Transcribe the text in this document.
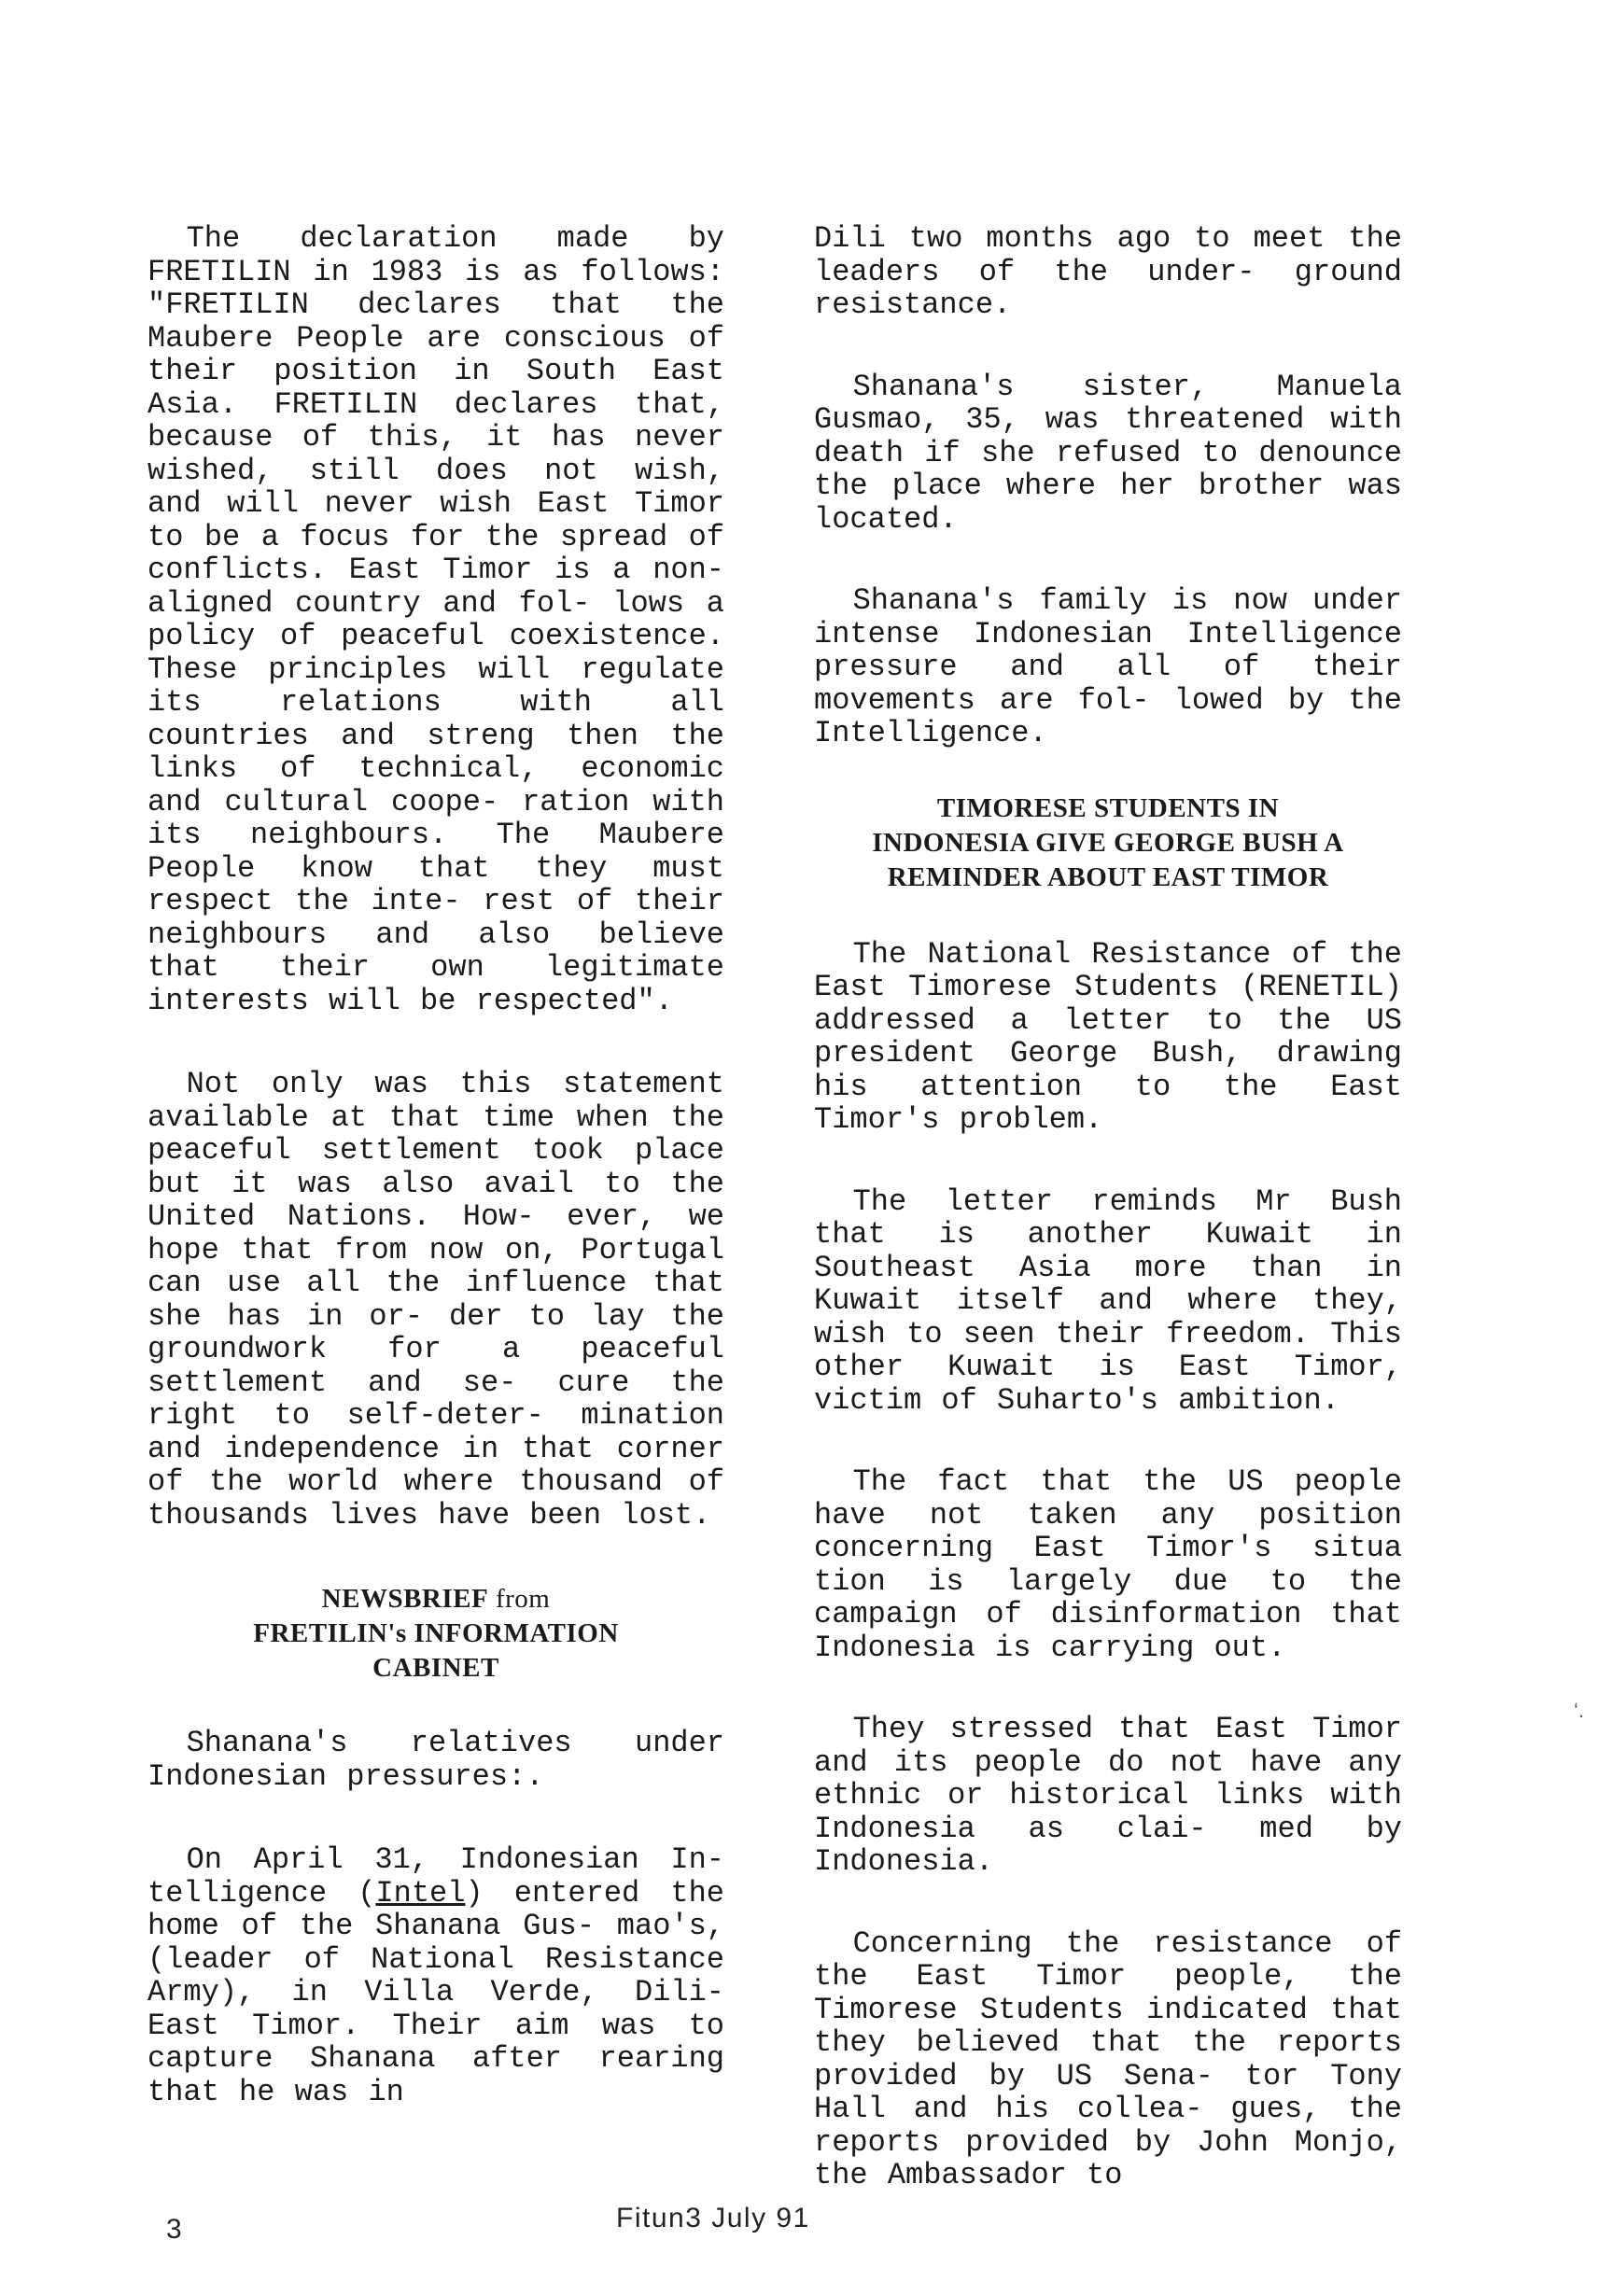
The declaration made by FRETILIN in 1983 is as follows: "FRETILIN declares that the Maubere People are conscious of their position in South East Asia. FRETILIN declares that, because of this, it has never wished, still does not wish, and will never wish East Timor to be a focus for the spread of conflicts. East Timor is a non-aligned country and fol- lows a policy of peaceful coexistence. These principles will regulate its relations with all countries and streng then the links of technical, economic and cultural coope- ration with its neighbours. The Maubere People know that they must respect the inte- rest of their neighbours and also believe that their own legitimate interests will be respected".

Not only was this statement available at that time when the peaceful settlement took place but it was also avail to the United Nations. How- ever, we hope that from now on, Portugal can use all the influence that she has in or- der to lay the groundwork for a peaceful settlement and se- cure the right to self-deter- mination and independence in that corner of the world where thousand of thousands lives have been lost.

NEWSBRIEF from
FRETILIN's INFORMATION
CABINET

Shanana's relatives under Indonesian pressures:.

On April 31, Indonesian In- telligence (Intel) entered the home of the Shanana Gus- mao's, (leader of National Resistance Army), in Villa Verde, Dili-East Timor. Their aim was to capture Shanana after rearing that he was in

Dili two months ago to meet the leaders of the under- ground resistance.

Shanana's sister, Manuela Gusmao, 35, was threatened with death if she refused to denounce the place where her brother was located.

Shanana's family is now under intense Indonesian Intelligence pressure and all of their movements are fol- lowed by the Intelligence.

TIMORESE STUDENTS IN
INDONESIA GIVE GEORGE BUSH A
REMINDER ABOUT EAST TIMOR

The National Resistance of the East Timorese Students (RENETIL) addressed a letter to the US president George Bush, drawing his attention to the East Timor's problem.

The letter reminds Mr Bush that is another Kuwait in Southeast Asia more than in Kuwait itself and where they, wish to seen their freedom. This other Kuwait is East Timor, victim of Suharto's ambition.

The fact that the US people have not taken any position concerning East Timor's situa tion is largely due to the campaign of disinformation that Indonesia is carrying out.

They stressed that East Timor and its people do not have any ethnic or historical links with Indonesia as clai- med by Indonesia.

Concerning the resistance of the East Timor people, the Timorese Students indicated that they believed that the reports provided by US Sena- tor Tony Hall and his collea- gues, the reports provided by John Monjo, the Ambassador to

‘.
3	Fitun3 July 91
